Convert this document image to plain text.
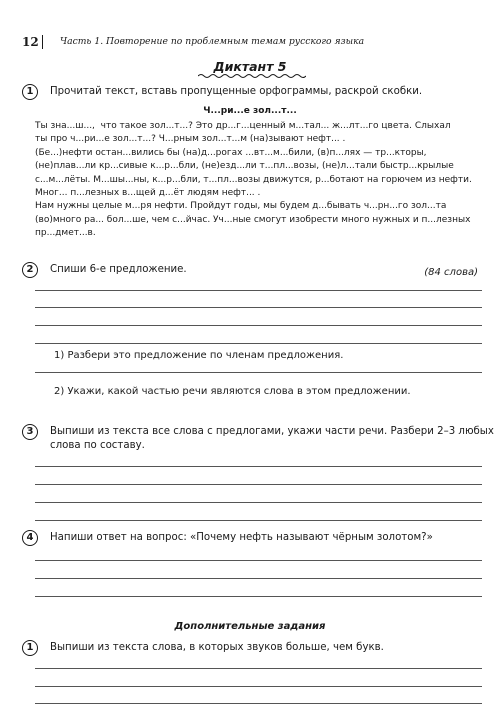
12 Часть 1. Повторение по проблемным темам русского языка
Диктант 5
1	Прочитай текст, вставь пропущенные орфограммы, раскрой скобки.
Ч...ри...е зол...т...
Ты зна...ш...,  что такое зол...т...? Это др...г...ценный м...тал... ж...лт...го цвета. Слыхал
ты про ч...ри...е зол...т...? Ч...рным зол...т...м (на)зывают нефт... .
(Бе...)нефти остан...вились бы (на)д...рогах ...вт...м...били, (в)п...лях — тр...кторы,
(не)плав...ли кр...сивые к...р...бли, (не)езд...ли т...пл...возы, (не)л...тали быстр...крылые
с...м...лёты. М...шы...ны, к...р...бли, т...пл...возы движутся, р...ботают на горючем из нефти.
Мног... п...лезных в...щей д...ёт людям нефт... .
Нам нужны целые м...ря нефти. Пройдут годы, мы будем д...бывать ч...рн...го зол...та
(во)много ра... бол...ше, чем с...йчас. Уч...ные смогут изобрести много нужных и п...лезных
пр...дмет...в.
(84 слова)
2	Спиши 6-е предложение.
1) Разбери это предложение по членам предложения.
2) Укажи, какой частью речи являются слова в этом предложении.
3	Выпиши из текста все слова с предлогами, укажи части речи. Разбери 2–3 любых
слова по составу.
4	Напиши ответ на вопрос: «Почему нефть называют чёрным золотом?»
Дополнительные задания
1	Выпиши из текста слова, в которых звуков больше, чем букв.
